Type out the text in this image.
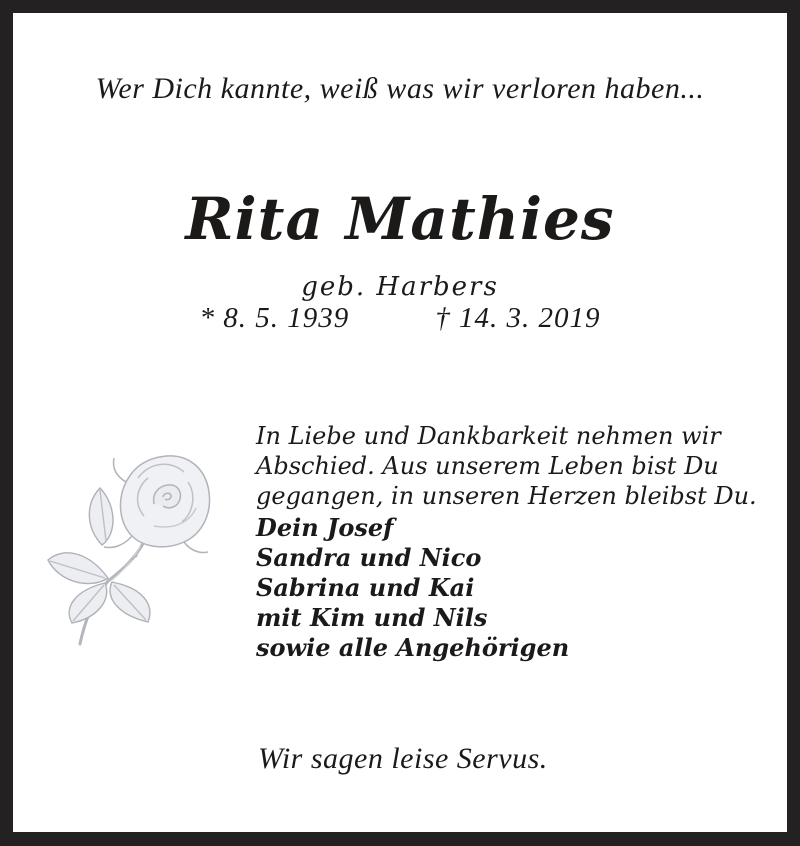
Wer Dich kannte, weiß was wir verloren haben...
Rita Mathies
geb. Harbers
* 8. 5. 1939	† 14. 3. 2019
In Liebe und Dankbarkeit nehmen wir
Abschied. Aus unserem Leben bist Du
gegangen, in unseren Herzen bleibst Du.
Dein Josef
Sandra und Nico
Sabrina und Kai
mit Kim und Nils
sowie alle Angehörigen
Wir sagen leise Servus.
